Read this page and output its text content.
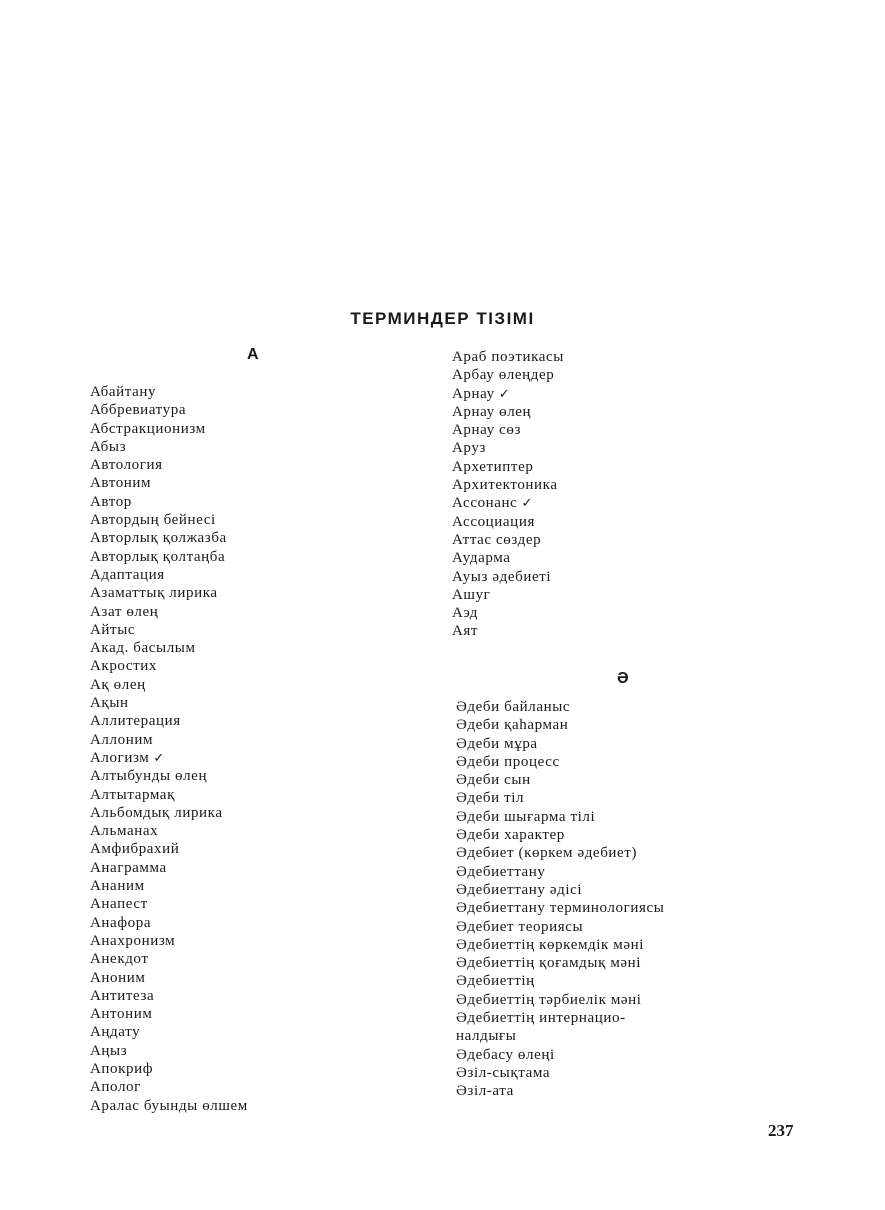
ТЕРМИНДЕР ТІЗІМІ
А
Абайтану
Аббревиатура
Абстракционизм
Абыз
Автология
Автоним
Автор
Автордың бейнесі
Авторлық қолжазба
Авторлық қолтаңба
Адаптация
Азаматтық лирика
Азат өлең
Айтыс
Акад. басылым
Акростих
Ақ өлең
Ақын
Аллитерация
Аллоним
Алогизм ✓
Алтыбунды өлең
Алтытармақ
Альбомдық лирика
Альманах
Амфибрахий
Анаграмма
Ананим
Анапест
Анафора
Анахронизм
Анекдот
Аноним
Антитеза
Антоним
Аңдату
Аңыз
Апокриф
Аполог
Аралас буынды өлшем
Араб поэтикасы
Арбау өлеңдер
Арнау ✓
Арнау өлең
Арнау сөз
Аруз
Архетиптер
Архитектоника
Ассонанс ✓
Ассоциация
Аттас сөздер
Аударма
Ауыз әдебиеті
Ашуг
Аэд
Аят
Ә
Әдеби байланыс
Әдеби қаһарман
Әдеби мұра
Әдеби процесс
Әдеби сын
Әдеби тіл
Әдеби шығарма тілі
Әдеби характер
Әдебиет (көркем әдебиет)
Әдебиеттану
Әдебиеттану әдісі
Әдебиеттану терминологиясы
Әдебиет теориясы
Әдебиеттің көркемдік мәні
Әдебиеттің қоғамдық мәні
Әдебиеттің
Әдебиеттің тәрбиелік мәні
Әдебиеттің интернацио-
налдығы
Әдебасу өлеңі
Әзіл-сықтама
Әзіл-ата
237
